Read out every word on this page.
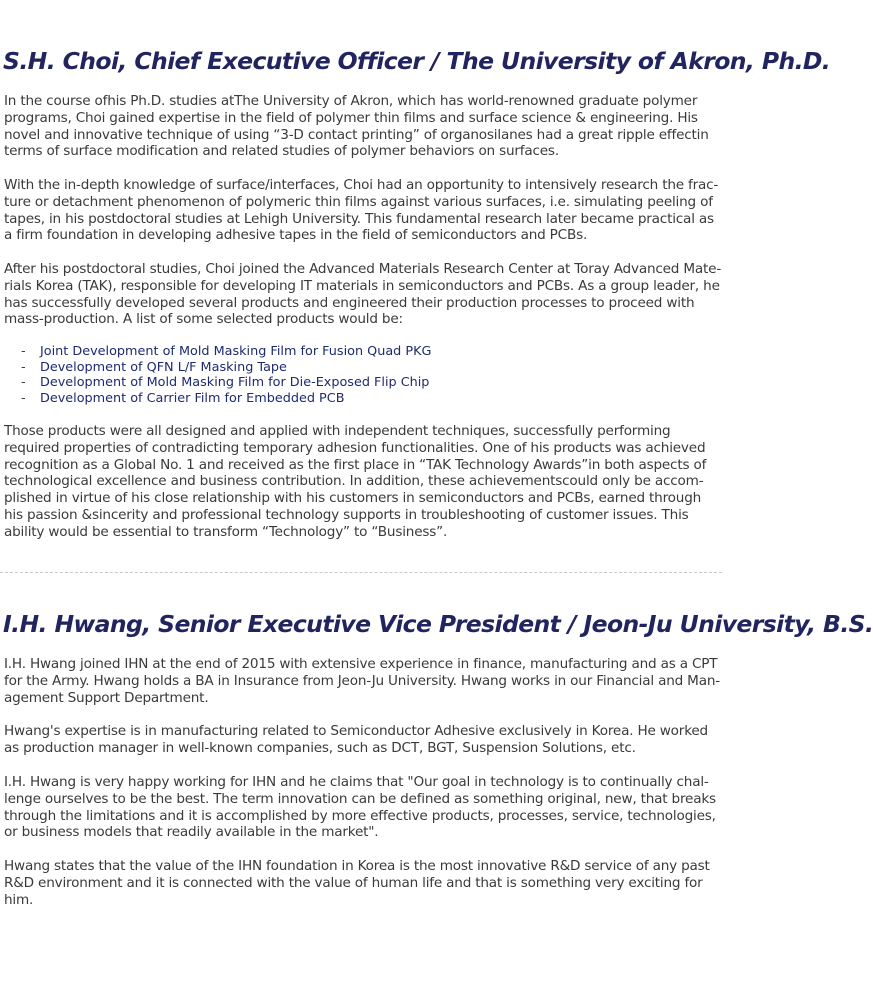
S.H. Choi, Chief Executive Officer / The University of Akron, Ph.D.

In the course ofhis Ph.D. studies atThe University of Akron, which has world-renowned graduate polymer programs, Choi gained expertise in the field of polymer thin films and surface science & engineering. His novel and innovative technique of using “3-D contact printing” of organosilanes had a great ripple effectin terms of surface modification and related studies of polymer behaviors on surfaces.

With the in-depth knowledge of surface/interfaces, Choi had an opportunity to intensively research the fracture or detachment phenomenon of polymeric thin films against various surfaces, i.e. simulating peeling of tapes, in his postdoctoral studies at Lehigh University. This fundamental research later became practical as a firm foundation in developing adhesive tapes in the field of semiconductors and PCBs.

After his postdoctoral studies, Choi joined the Advanced Materials Research Center at Toray Advanced Materials Korea (TAK), responsible for developing IT materials in semiconductors and PCBs. As a group leader, he has successfully developed several products and engineered their production processes to proceed with mass-production. A list of some selected products would be:

- Joint Development of Mold Masking Film for Fusion Quad PKG
- Development of QFN L/F Masking Tape
- Development of Mold Masking Film for Die-Exposed Flip Chip
- Development of Carrier Film for Embedded PCB

Those products were all designed and applied with independent techniques, successfully performing required properties of contradicting temporary adhesion functionalities. One of his products was achieved recognition as a Global No. 1 and received as the first place in “TAK Technology Awards”in both aspects of technological excellence and business contribution. In addition, these achievementscould only be accomplished in virtue of his close relationship with his customers in semiconductors and PCBs, earned through his passion &sincerity and professional technology supports in troubleshooting of customer issues. This ability would be essential to transform “Technology” to “Business”.

I.H. Hwang, Senior Executive Vice President / Jeon-Ju University, B.S.

I.H. Hwang joined IHN at the end of 2015 with extensive experience in finance, manufacturing and as a CPT for the Army. Hwang holds a BA in Insurance from Jeon-Ju University. Hwang works in our Financial and Management Support Department.

Hwang's expertise is in manufacturing related to Semiconductor Adhesive exclusively in Korea. He worked as production manager in well-known companies, such as DCT, BGT, Suspension Solutions, etc.

I.H. Hwang is very happy working for IHN and he claims that "Our goal in technology is to continually challenge ourselves to be the best. The term innovation can be defined as something original, new, that breaks through the limitations and it is accomplished by more effective products, processes, service, technologies, or business models that readily available in the market".

Hwang states that the value of the IHN foundation in Korea is the most innovative R&D service of any past R&D environment and it is connected with the value of human life and that is something very exciting for him.
